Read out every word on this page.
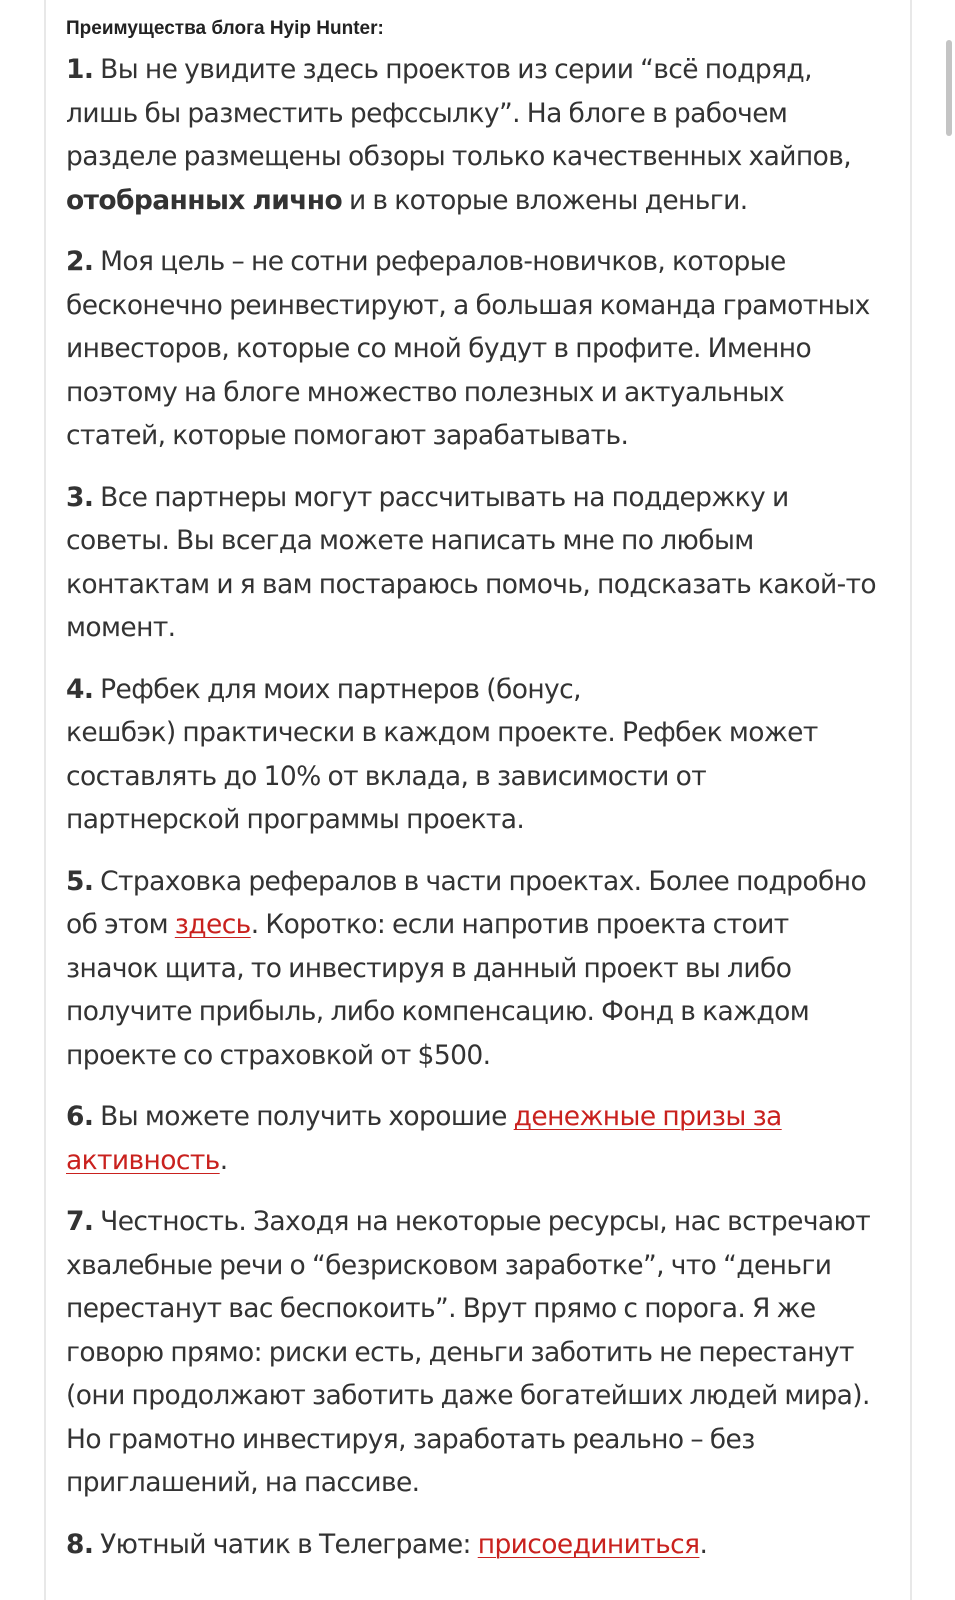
Преимущества блога Hyip Hunter:

1. Вы не увидите здесь проектов из серии “всё подряд, лишь бы разместить рефссылку”. На блоге в рабочем разделе размещены обзоры только качественных хайпов, отобранных лично и в которые вложены деньги.

2. Моя цель – не сотни рефералов-новичков, которые бесконечно реинвестируют, а большая команда грамотных инвесторов, которые со мной будут в профите. Именно поэтому на блоге множество полезных и актуальных статей, которые помогают зарабатывать.

3. Все партнеры могут рассчитывать на поддержку и советы. Вы всегда можете написать мне по любым контактам и я вам постараюсь помочь, подсказать какой-то момент.

4. Рефбек для моих партнеров (бонус,
кешбэк) практически в каждом проекте. Рефбек может составлять до 10% от вклада, в зависимости от партнерской программы проекта.

5. Страховка рефералов в части проектах. Более подробно об этом здесь. Коротко: если напротив проекта стоит значок щита, то инвестируя в данный проект вы либо получите прибыль, либо компенсацию. Фонд в каждом проекте со страховкой от $500.

6. Вы можете получить хорошие денежные призы за активность.

7. Честность. Заходя на некоторые ресурсы, нас встречают хвалебные речи о “безрисковом заработке”, что “деньги перестанут вас беспокоить”. Врут прямо с порога. Я же говорю прямо: риски есть, деньги заботить не перестанут (они продолжают заботить даже богатейших людей мира). Но грамотно инвестируя, заработать реально – без приглашений, на пассиве.

8. Уютный чатик в Телеграме: присоединиться.
